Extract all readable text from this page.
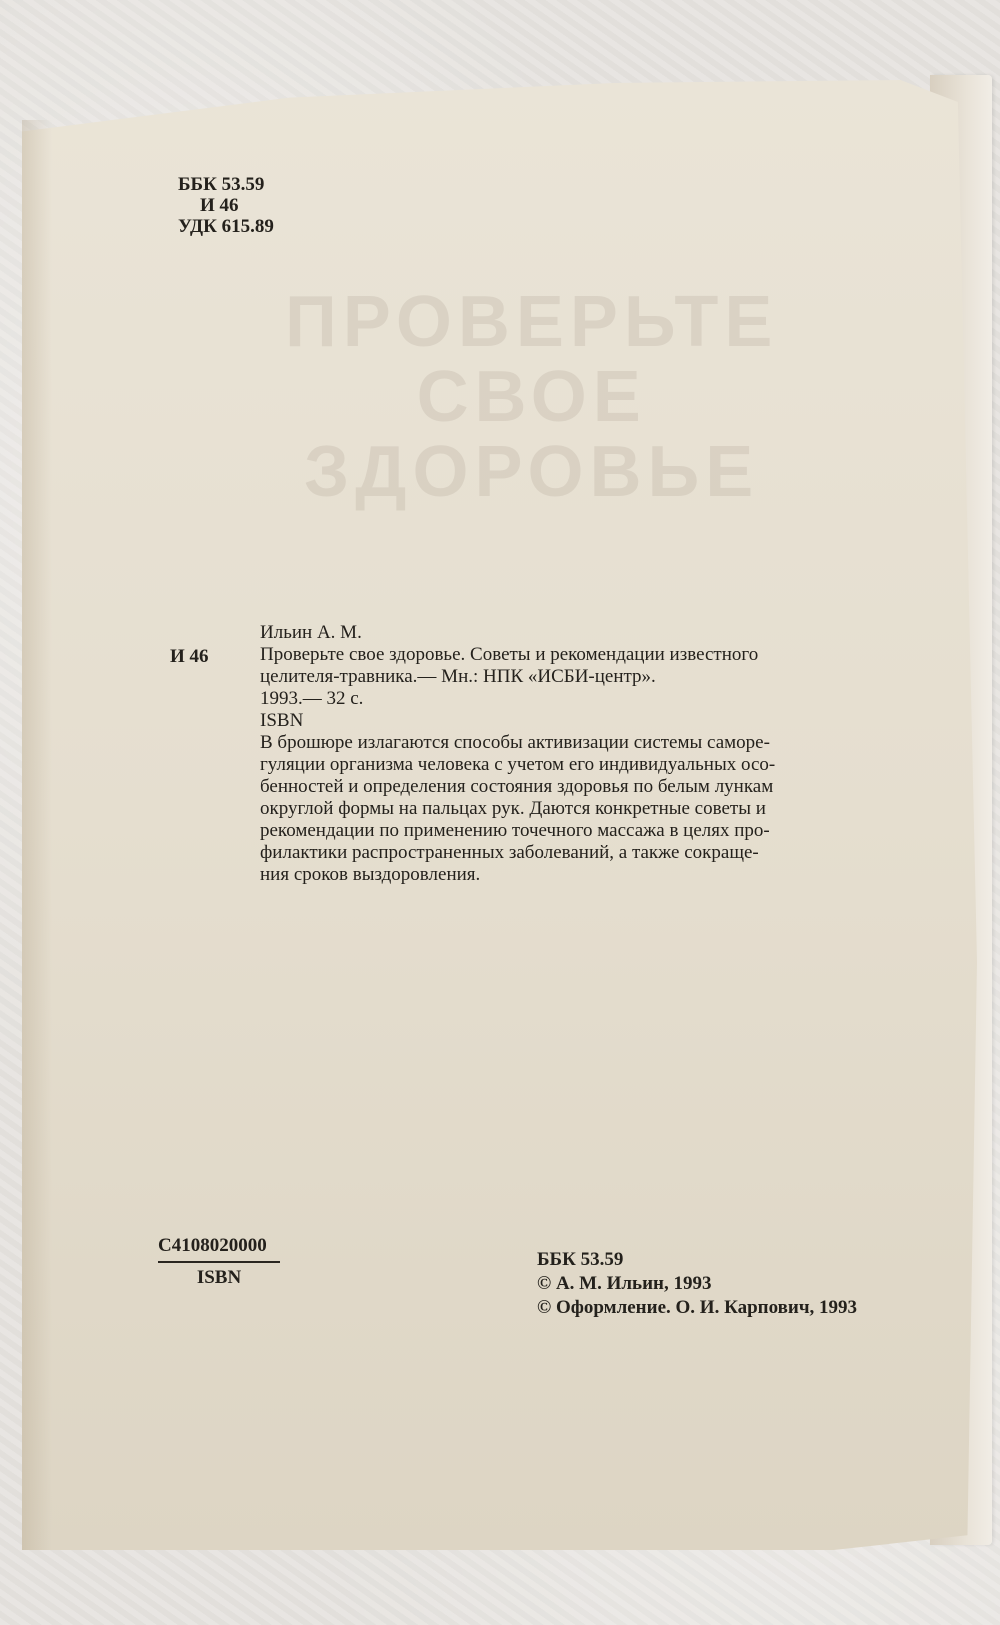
ПРОВЕРЬТЕ
СВОЕ
ЗДОРОВЬЕ
ББК 53.59
И 46
УДК 615.89
И 46
Ильин А. М.
Проверьте свое здоровье. Советы и рекомендации известного
целителя-травника.— Мн.: НПК «ИСБИ-центр».
1993.— 32 с.
ISBN
В брошюре излагаются способы активизации системы саморе-
гуляции организма человека с учетом его индивидуальных осо-
бенностей и определения состояния здоровья по белым лункам
округлой формы на пальцах рук. Даются конкретные советы и
рекомендации по применению точечного массажа в целях про-
филактики распространенных заболеваний, а также сокраще-
ния сроков выздоровления.
С4108020000
ISBN
ББК 53.59
© А. М. Ильин, 1993
© Оформление. О. И. Карпович, 1993
